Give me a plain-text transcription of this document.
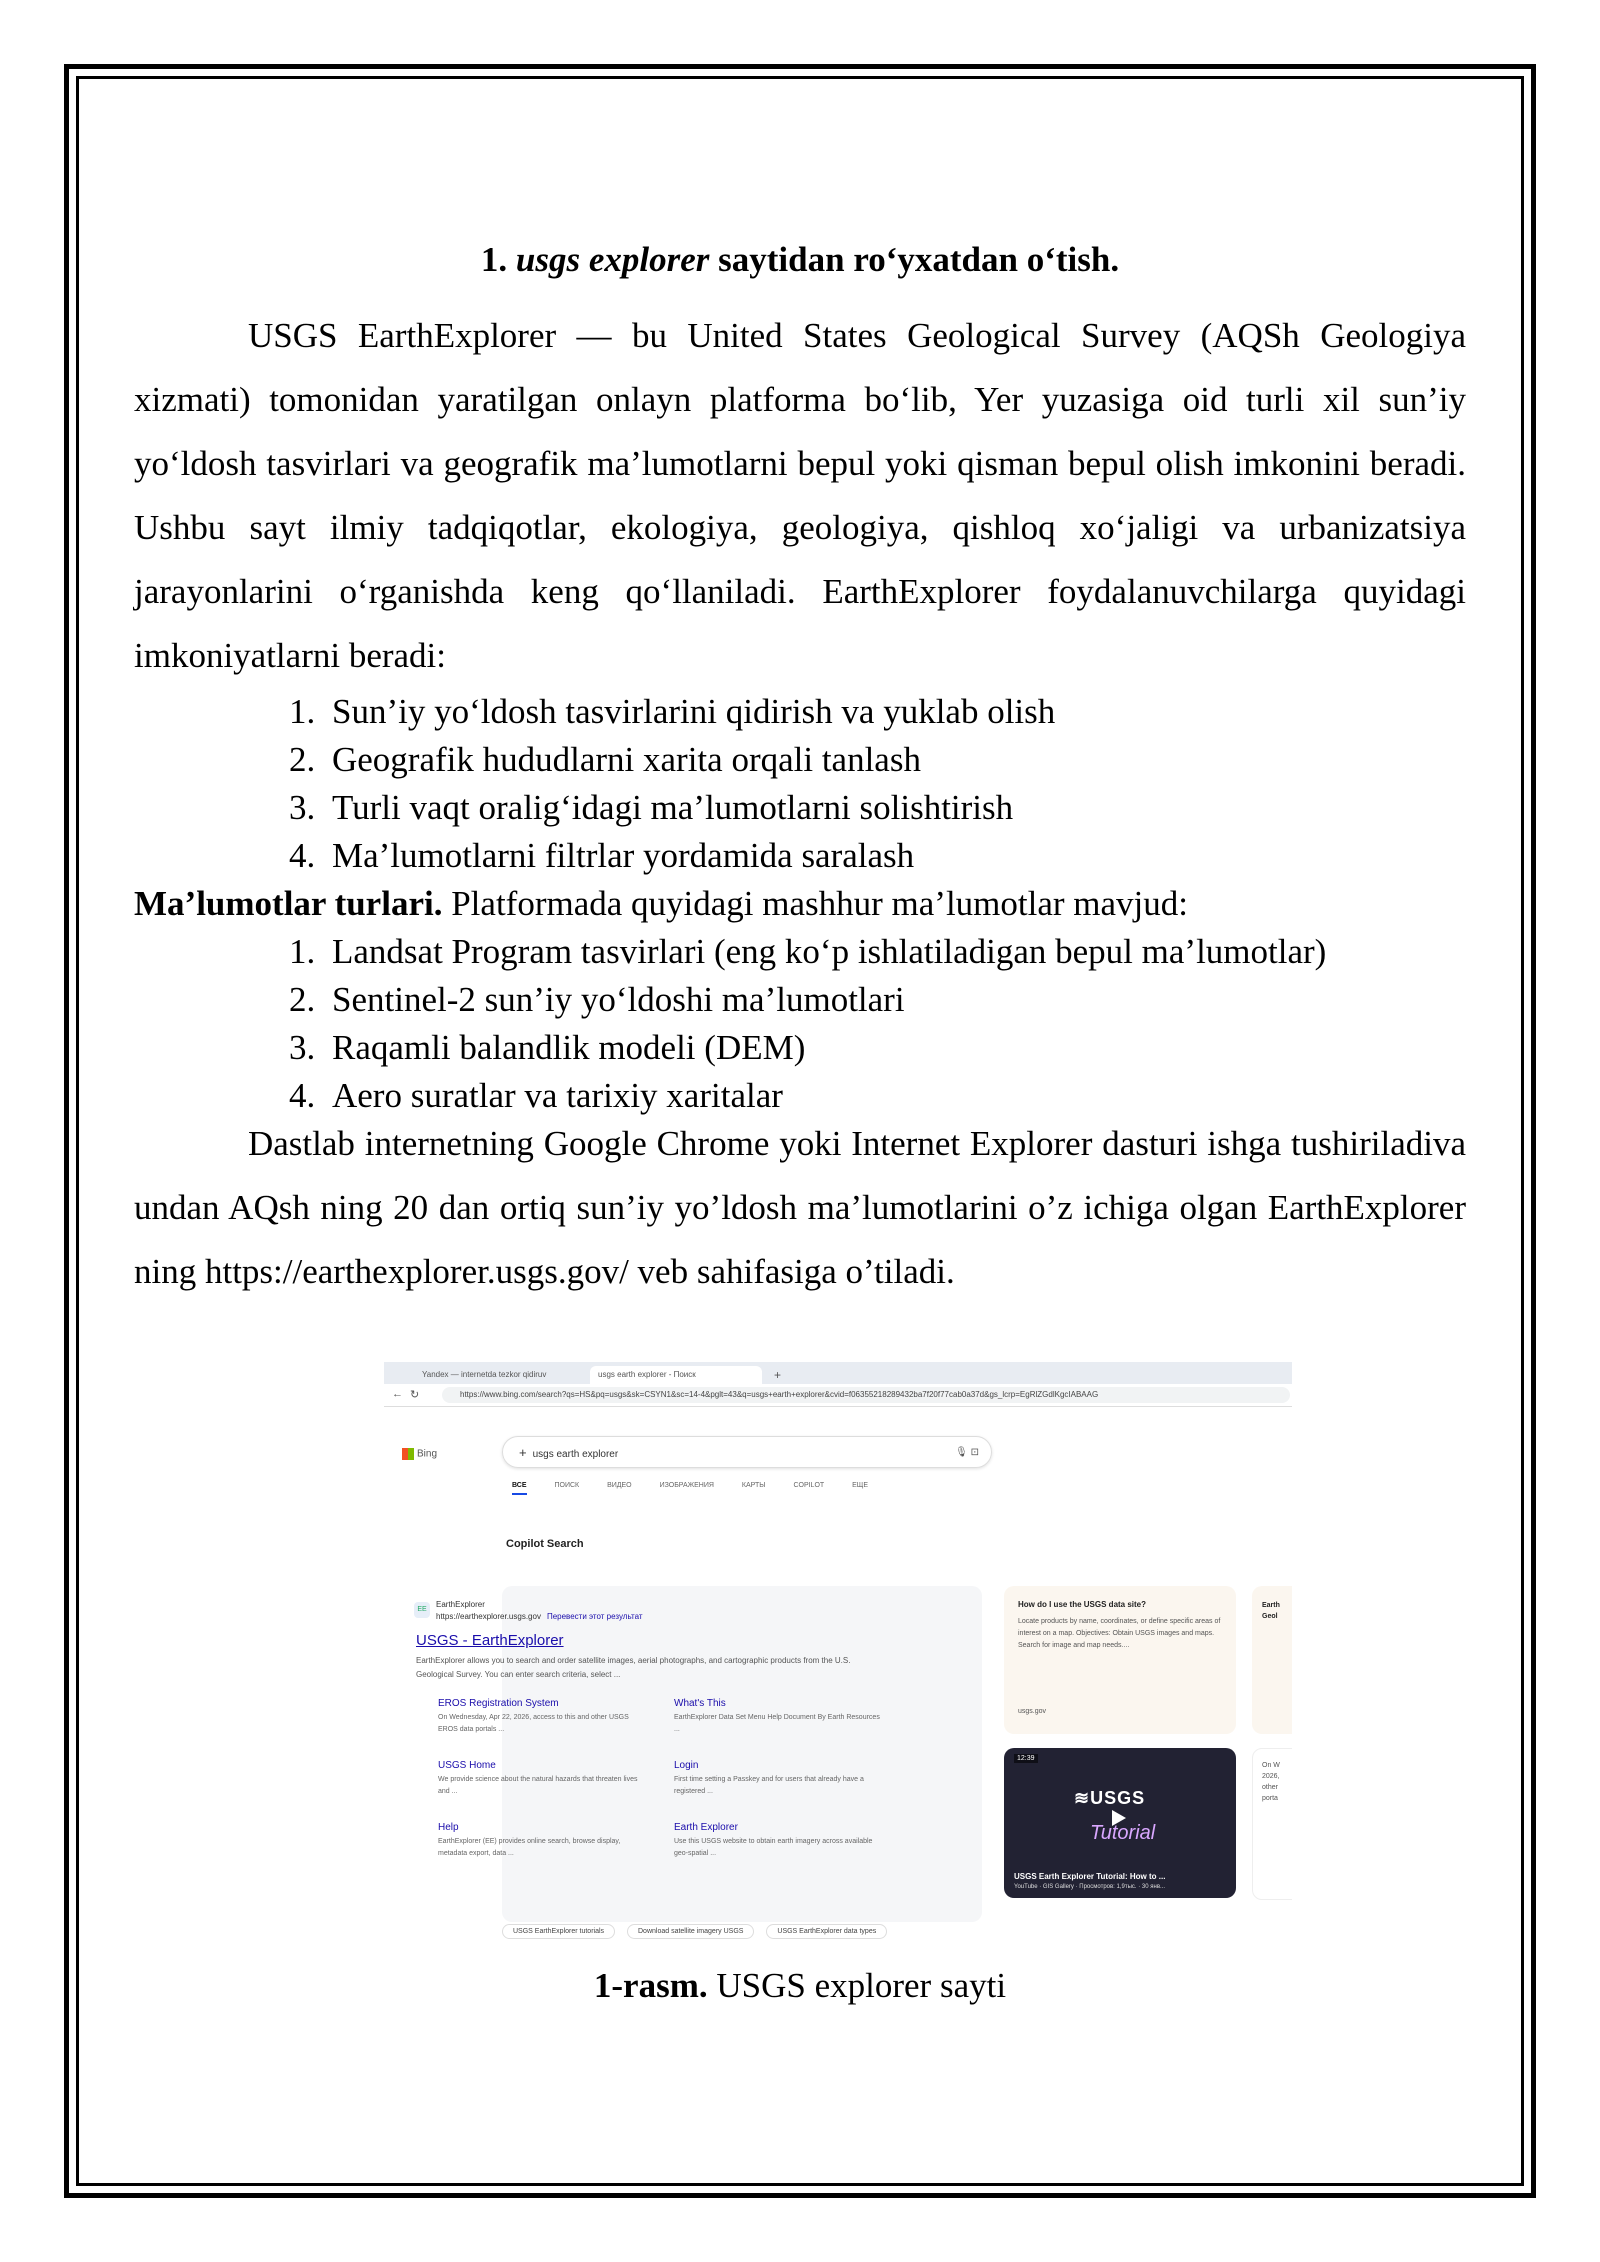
1. usgs explorer saytidan ro‘yxatdan o‘tish.

USGS EarthExplorer — bu United States Geological Survey (AQSh Geologiya xizmati) tomonidan yaratilgan onlayn platforma bo‘lib, Yer yuzasiga oid turli xil sun’iy yo‘ldosh tasvirlari va geografik ma’lumotlarni bepul yoki qisman bepul olish imkonini beradi. Ushbu sayt ilmiy tadqiqotlar, ekologiya, geologiya, qishloq xo‘jaligi va urbanizatsiya jarayonlarini o‘rganishda keng qo‘llaniladi. EarthExplorer foydalanuvchilarga quyidagi imkoniyatlarni beradi:

1. Sun’iy yo‘ldosh tasvirlarini qidirish va yuklab olish
2. Geografik hududlarni xarita orqali tanlash
3. Turli vaqt oralig‘idagi ma’lumotlarni solishtirish
4. Ma’lumotlarni filtrlar yordamida saralash

Ma’lumotlar turlari. Platformada quyidagi mashhur ma’lumotlar mavjud:

1. Landsat Program tasvirlari (eng ko‘p ishlatiladigan bepul ma’lumotlar)
2. Sentinel-2 sun’iy yo‘ldoshi ma’lumotlari
3. Raqamli balandlik modeli (DEM)
4. Aero suratlar va tarixiy xaritalar

Dastlab internetning Google Chrome yoki Internet Explorer dasturi ishga tushiriladiva undan AQsh ning 20 dan ortiq sun’iy yo’ldosh ma’lumotlarini o’z ichiga olgan EarthExplorer ning https://earthexplorer.usgs.gov/ veb sahifasiga o’tiladi.

Yandex — internetda tezkor qidiruv	usgs earth explorer - Поиск	+
← ↻	https://www.bing.com/search?qs=HS&pq=usgs&sk=CSYN1&sc=14-4&pglt=43&q=usgs+earth+explorer&cvid=f06355218289432ba7f20f77cab0a37d&gs_lcrp=EgRlZGdlKgcIABAAG
Bing	+ usgs earth explorer	🎙 ⊡
ВСЕ	ПОИСК	ВИДЕО	ИЗОБРАЖЕНИЯ	КАРТЫ	COPILOT	ЕЩЕ
Copilot Search
EE
EarthExplorer
https://earthexplorer.usgs.gov Перевести этот результат
USGS - EarthExplorer
EarthExplorer allows you to search and order satellite images, aerial photographs, and cartographic products from the U.S. Geological Survey. You can enter search criteria, select ...
EROS Registration System
On Wednesday, Apr 22, 2026, access to this and other USGS EROS data portals ...
What's This
EarthExplorer Data Set Menu Help Document By Earth Resources ...
USGS Home
We provide science about the natural hazards that threaten lives and ...
Login
First time setting a Passkey and for users that already have a registered ...
Help
EarthExplorer (EE) provides online search, browse display, metadata export, data ...
Earth Explorer
Use this USGS website to obtain earth imagery across available geo-spatial ...
How do I use the USGS data site?
Locate products by name, coordinates, or define specific areas of interest on a map. Objectives: Obtain USGS images and maps. Search for image and map needs....
usgs.gov
12:39
≋USGS
Tutorial
USGS Earth Explorer Tutorial: How to ...
YouTube · GIS Gallery · Просмотров: 1,9тыс. · 30 янв...
Earth Geol
On W 2026, other porta
USGS EarthExplorer tutorials	Download satellite imagery USGS	USGS EarthExplorer data types
1-rasm. USGS explorer sayti
